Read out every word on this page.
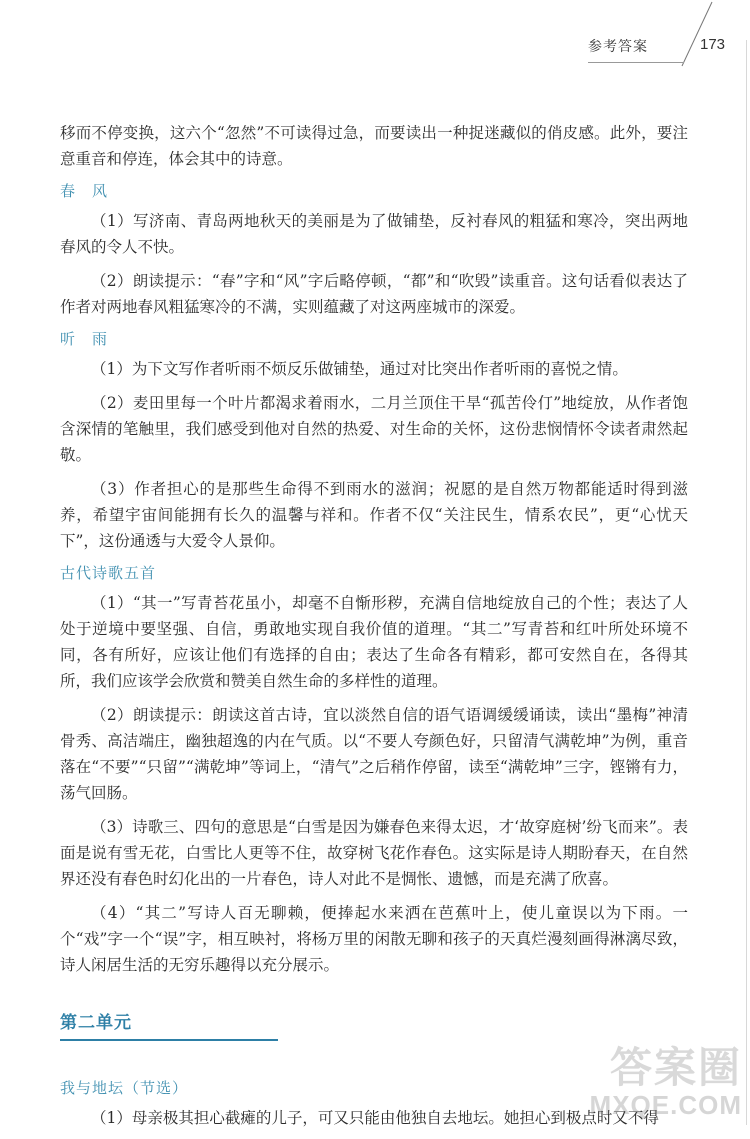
参考答案	173

移而不停变换，这六个“忽然”不可读得过急，而要读出一种捉迷藏似的俏皮感。此外，要注意重音和停连，体会其中的诗意。

春　风

（1）写济南、青岛两地秋天的美丽是为了做铺垫，反衬春风的粗猛和寒冷，突出两地春风的令人不快。

（2）朗读提示：“春”字和“风”字后略停顿，“都”和“吹毁”读重音。这句话看似表达了作者对两地春风粗猛寒冷的不满，实则蕴藏了对这两座城市的深爱。

听　雨

（1）为下文写作者听雨不烦反乐做铺垫，通过对比突出作者听雨的喜悦之情。

（2）麦田里每一个叶片都渴求着雨水，二月兰顶住干旱“孤苦伶仃”地绽放，从作者饱含深情的笔触里，我们感受到他对自然的热爱、对生命的关怀，这份悲悯情怀令读者肃然起敬。

（3）作者担心的是那些生命得不到雨水的滋润；祝愿的是自然万物都能适时得到滋养，希望宇宙间能拥有长久的温馨与祥和。作者不仅“关注民生，情系农民”，更“心忧天下”，这份通透与大爱令人景仰。

古代诗歌五首

（1）“其一”写青苔花虽小，却毫不自惭形秽，充满自信地绽放自己的个性；表达了人处于逆境中要坚强、自信，勇敢地实现自我价值的道理。“其二”写青苔和红叶所处环境不同，各有所好，应该让他们有选择的自由；表达了生命各有精彩，都可安然自在，各得其所，我们应该学会欣赏和赞美自然生命的多样性的道理。

（2）朗读提示：朗读这首古诗，宜以淡然自信的语气语调缓缓诵读，读出“墨梅”神清骨秀、高洁端庄，幽独超逸的内在气质。以“不要人夸颜色好，只留清气满乾坤”为例，重音落在“不要”“只留”“满乾坤”等词上，“清气”之后稍作停留，读至“满乾坤”三字，铿锵有力，荡气回肠。

（3）诗歌三、四句的意思是“白雪是因为嫌春色来得太迟，才‘故穿庭树’纷飞而来”。表面是说有雪无花，白雪比人更等不住，故穿树飞花作春色。这实际是诗人期盼春天，在自然界还没有春色时幻化出的一片春色，诗人对此不是惆怅、遗憾，而是充满了欣喜。

（4）“其二”写诗人百无聊赖，便捧起水来洒在芭蕉叶上，使儿童误以为下雨。一个“戏”字一个“误”字，相互映衬，将杨万里的闲散无聊和孩子的天真烂漫刻画得淋漓尽致，诗人闲居生活的无穷乐趣得以充分展示。

第二单元
我与地坛（节选）

（1）母亲极其担心截瘫的儿子，可又只能由他独自去地坛。她担心到极点时又不得

答案圈
MXQE.COM
